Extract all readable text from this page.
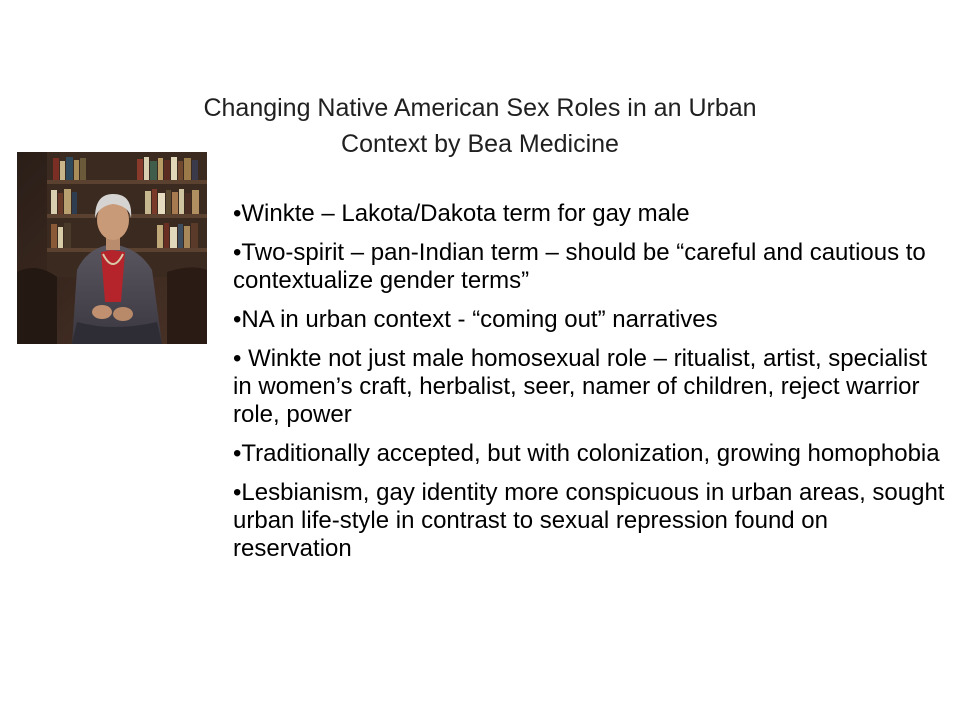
Changing Native American Sex Roles in an Urban
Context by Bea Medicine
•Winkte – Lakota/Dakota term for gay male
•Two-spirit – pan-Indian term – should be “careful and cautious to contextualize gender terms”
•NA in urban context - “coming out” narratives
• Winkte not just male homosexual role – ritualist, artist, specialist in women’s craft, herbalist, seer, namer of children, reject warrior role, power
•Traditionally accepted, but with colonization, growing homophobia
•Lesbianism, gay identity more conspicuous in urban areas, sought urban life-style in contrast to sexual repression found on reservation
